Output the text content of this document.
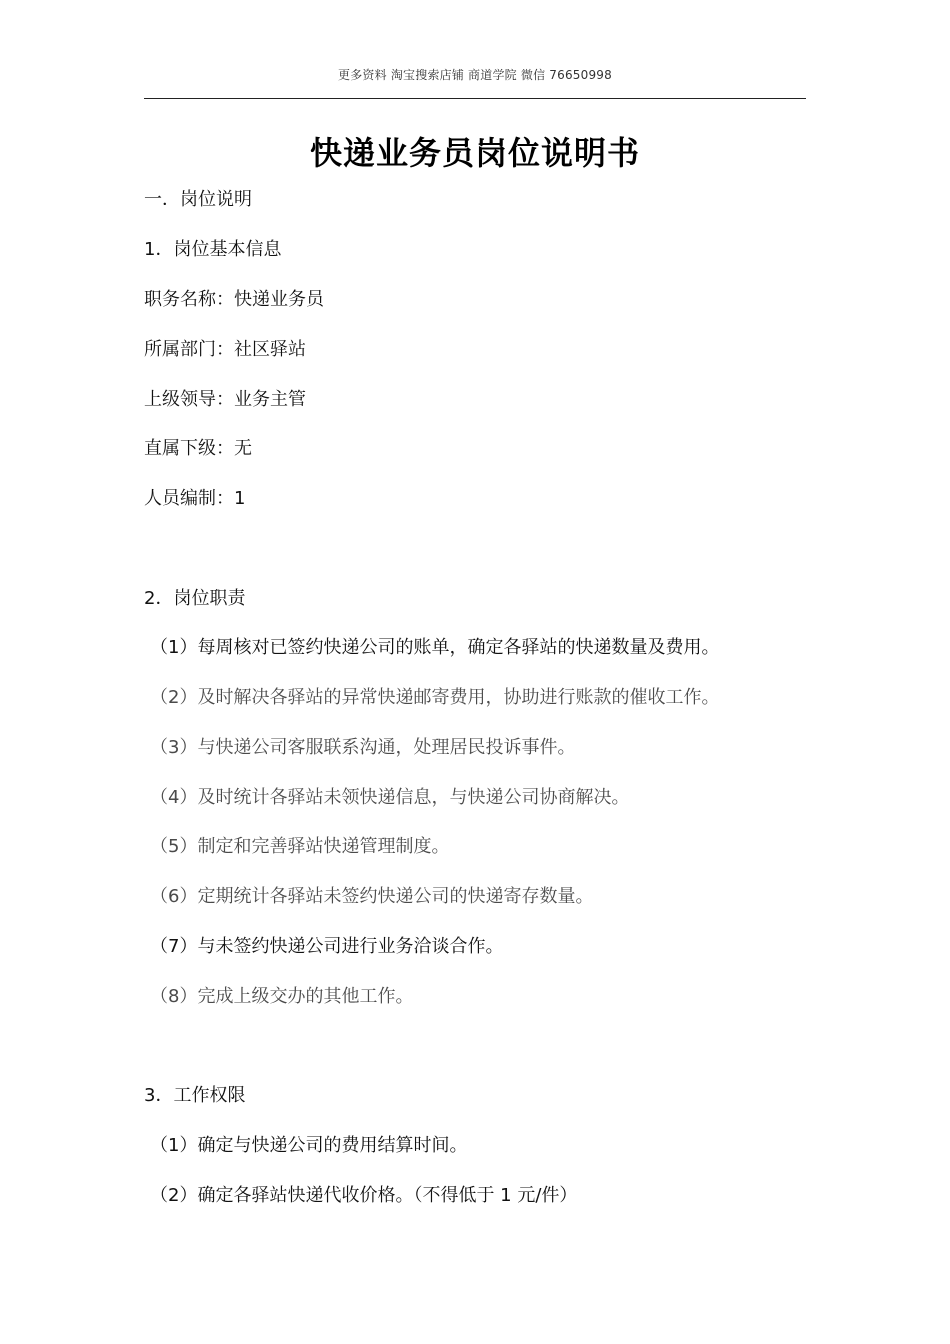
更多资料 淘宝搜索店铺 商道学院 微信 76650998
快递业务员岗位说明书
一．岗位说明
1．岗位基本信息
职务名称：快递业务员
所属部门：社区驿站
上级领导：业务主管
直属下级：无
人员编制：1
2．岗位职责
（1）每周核对已签约快递公司的账单，确定各驿站的快递数量及费用。
（2）及时解决各驿站的异常快递邮寄费用，协助进行账款的催收工作。
（3）与快递公司客服联系沟通，处理居民投诉事件。
（4）及时统计各驿站未领快递信息，与快递公司协商解决。
（5）制定和完善驿站快递管理制度。
（6）定期统计各驿站未签约快递公司的快递寄存数量。
（7）与未签约快递公司进行业务洽谈合作。
（8）完成上级交办的其他工作。
3．工作权限
（1）确定与快递公司的费用结算时间。
（2）确定各驿站快递代收价格。（不得低于 1 元/件）
